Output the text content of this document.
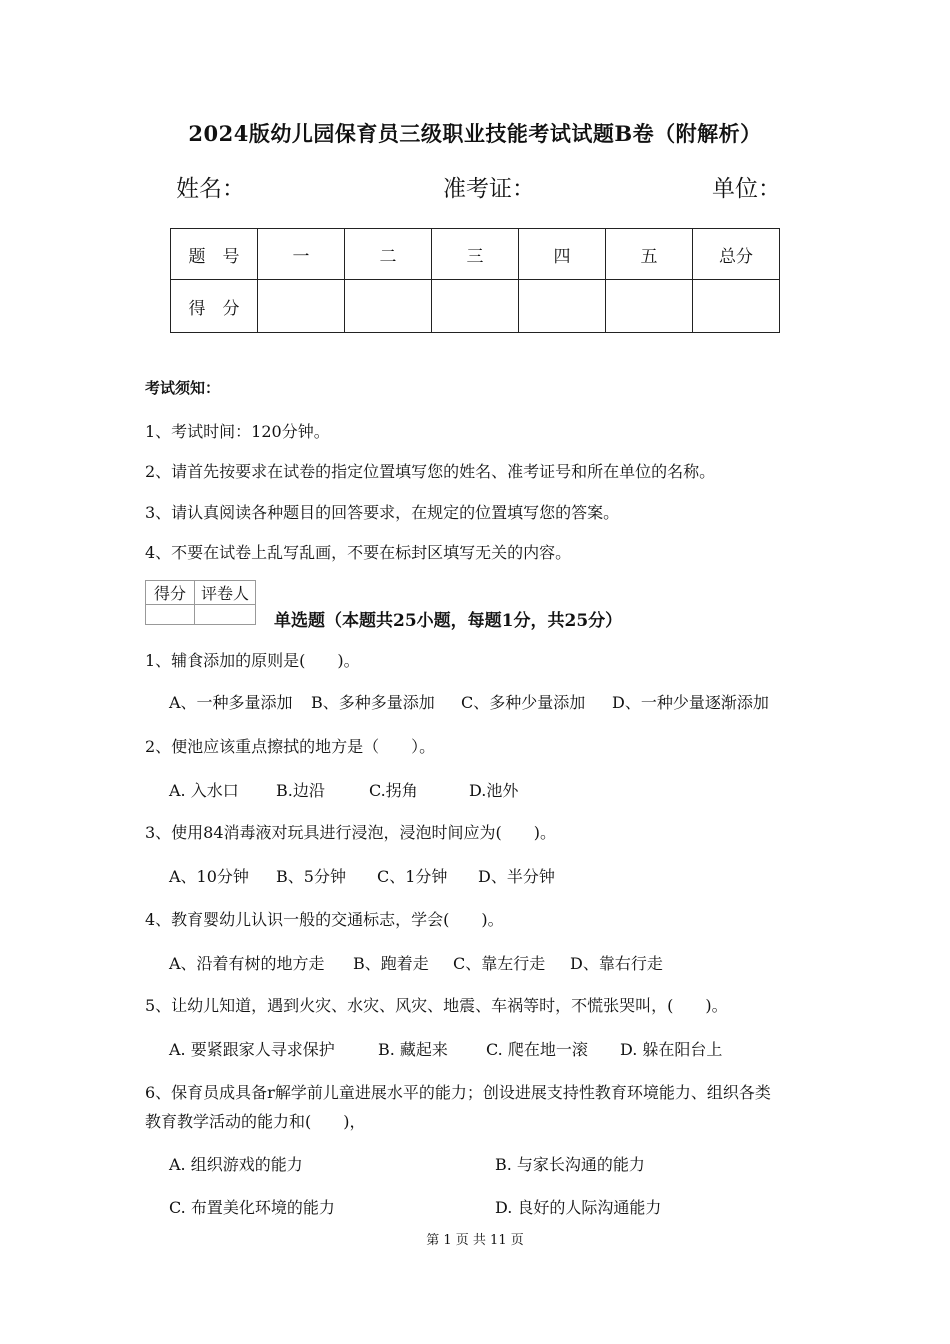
2024版幼儿园保育员三级职业技能考试试题B卷（附解析）
姓名：	准考证：	单位：
题　号	一	二	三	四	五	总分
得　分						
考试须知：
1、考试时间：120分钟。
2、请首先按要求在试卷的指定位置填写您的姓名、准考证号和所在单位的名称。
3、请认真阅读各种题目的回答要求，在规定的位置填写您的答案。
4、不要在试卷上乱写乱画，不要在标封区填写无关的内容。
得分	评卷人

单选题（本题共25小题，每题1分，共25分）
1、辅食添加的原则是(　　)。
A、一种多量添加 B、多种多量添加 C、多种少量添加 D、一种少量逐渐添加
2、便池应该重点擦拭的地方是（　　）。
A. 入水口 B.边沿	C.拐角	D.池外
3、使用84消毒液对玩具进行浸泡，浸泡时间应为(　　)。
A、10分钟 B、5分钟 C、1分钟 D、半分钟
4、教育婴幼儿认识一般的交通标志，学会(　　)。
A、沿着有树的地方走 B、跑着走 C、靠左行走 D、靠右行走
5、让幼儿知道，遇到火灾、水灾、风灾、地震、车祸等时，不慌张哭叫，(　　)。
A. 要紧跟家人寻求保护	B. 藏起来 C. 爬在地一滚 D. 躲在阳台上
6、保育员成具备r解学前儿童进展水平的能力；创设进展支持性教育环境能力、组织各类
教育教学活动的能力和(　　)，
A. 组织游戏的能力	B. 与家长沟通的能力
C. 布置美化环境的能力	D. 良好的人际沟通能力
第 1 页 共 11 页
